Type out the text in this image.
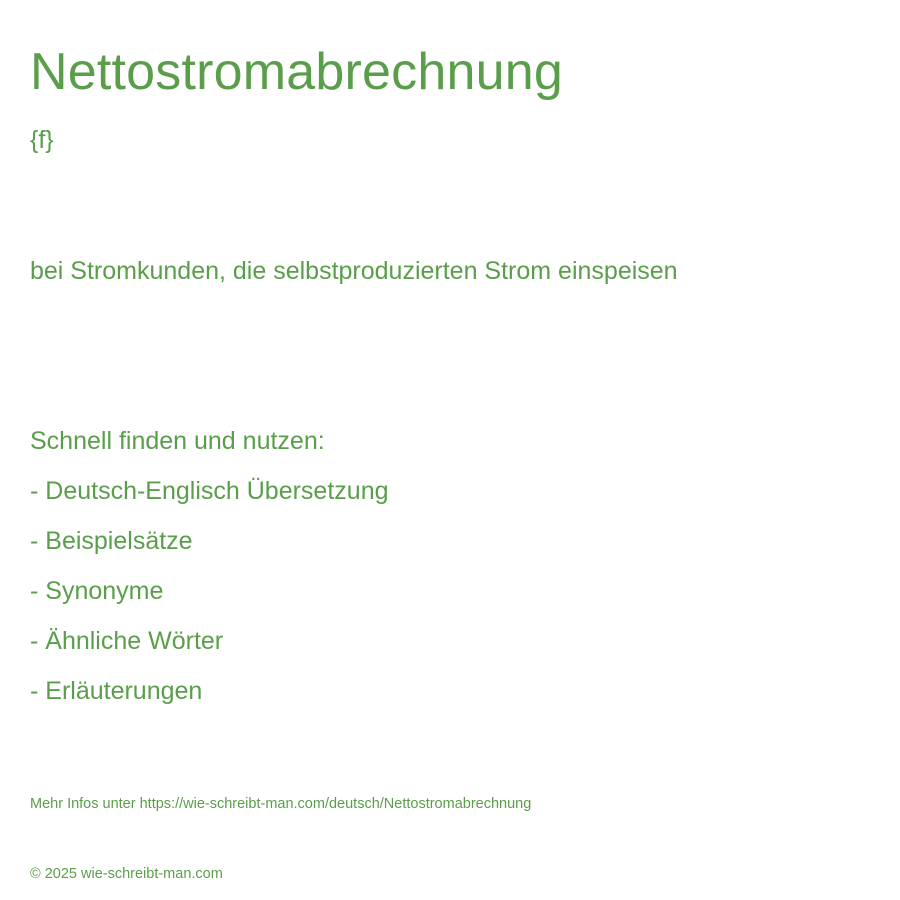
Nettostromabrechnung
{f}
bei Stromkunden, die selbstproduzierten Strom einspeisen
Schnell finden und nutzen:
- Deutsch-Englisch Übersetzung
- Beispielsätze
- Synonyme
- Ähnliche Wörter
- Erläuterungen
Mehr Infos unter https://wie-schreibt-man.com/deutsch/Nettostromabrechnung
© 2025 wie-schreibt-man.com
